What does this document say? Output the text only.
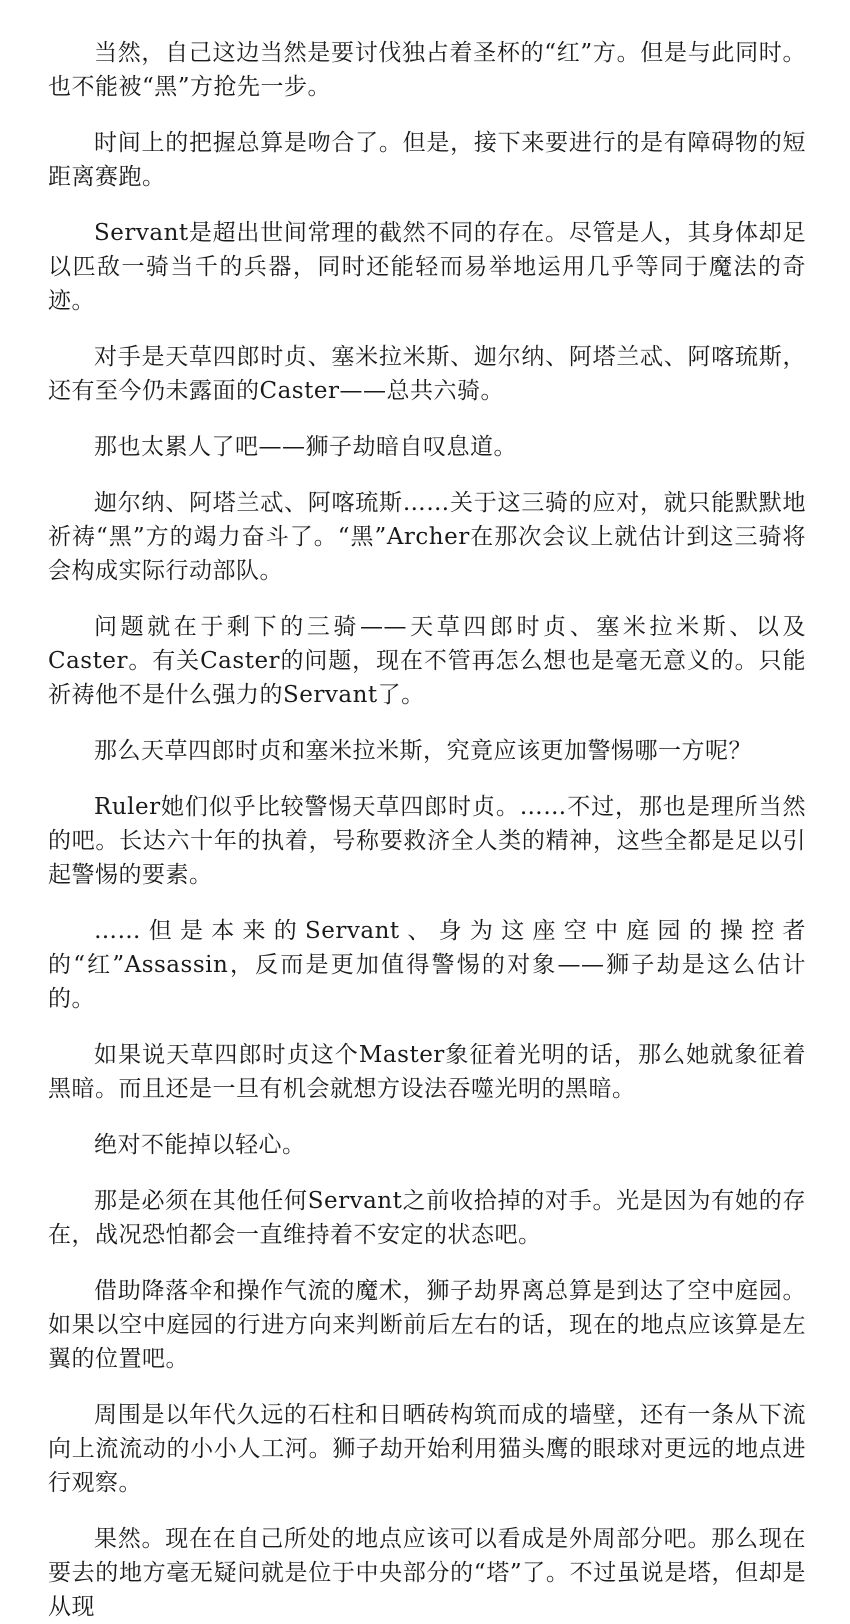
当然，自己这边当然是要讨伐独占着圣杯的“红”方。但是与此同时。也不能被“黑”方抢先一步。

时间上的把握总算是吻合了。但是，接下来要进行的是有障碍物的短距离赛跑。

Servant是超出世间常理的截然不同的存在。尽管是人，其身体却足以匹敌一骑当千的兵器，同时还能轻而易举地运用几乎等同于魔法的奇迹。

对手是天草四郎时贞、塞米拉米斯、迦尔纳、阿塔兰忒、阿喀琉斯，还有至今仍未露面的Caster——总共六骑。

那也太累人了吧——狮子劫暗自叹息道。

迦尔纳、阿塔兰忒、阿喀琉斯……关于这三骑的应对，就只能默默地祈祷“黑”方的竭力奋斗了。“黑”Archer在那次会议上就估计到这三骑将会构成实际行动部队。

问题就在于剩下的三骑——天草四郎时贞、塞米拉米斯、以及Caster。有关Caster的问题，现在不管再怎么想也是毫无意义的。只能祈祷他不是什么强力的Servant了。

那么天草四郎时贞和塞米拉米斯，究竟应该更加警惕哪一方呢？

Ruler她们似乎比较警惕天草四郎时贞。……不过，那也是理所当然的吧。长达六十年的执着，号称要救济全人类的精神，这些全都是足以引起警惕的要素。

……但是本来的Servant、身为这座空中庭园的操控者的“红”Assassin，反而是更加值得警惕的对象——狮子劫是这么估计的。

如果说天草四郎时贞这个Master象征着光明的话，那么她就象征着黑暗。而且还是一旦有机会就想方设法吞噬光明的黑暗。

绝对不能掉以轻心。

那是必须在其他任何Servant之前收拾掉的对手。光是因为有她的存在，战况恐怕都会一直维持着不安定的状态吧。

借助降落伞和操作气流的魔术，狮子劫界离总算是到达了空中庭园。如果以空中庭园的行进方向来判断前后左右的话，现在的地点应该算是左翼的位置吧。

周围是以年代久远的石柱和日晒砖构筑而成的墙壁，还有一条从下流向上流流动的小小人工河。狮子劫开始利用猫头鹰的眼球对更远的地点进行观察。

果然。现在在自己所处的地点应该可以看成是外周部分吧。那么现在要去的地方毫无疑问就是位于中央部分的“塔”了。不过虽说是塔，但却是从现
